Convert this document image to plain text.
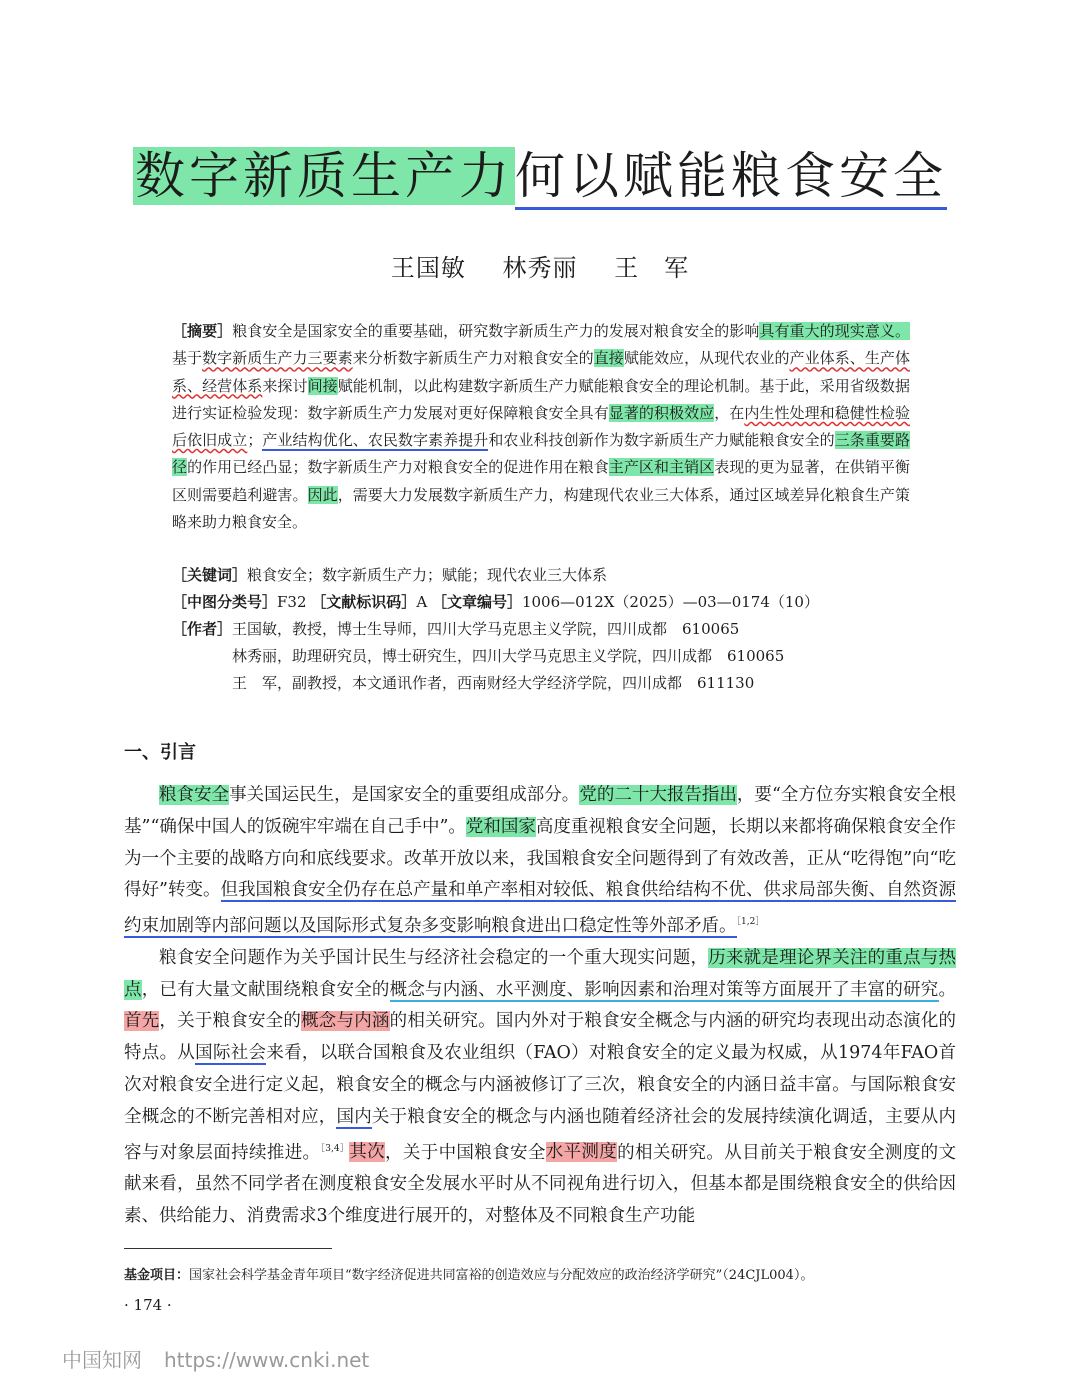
数字新质生产力何以赋能粮食安全
王国敏 林秀丽 王　军
［摘要］粮食安全是国家安全的重要基础，研究数字新质生产力的发展对粮食安全的影响具有重大的现实意义。基于数字新质生产力三要素来分析数字新质生产力对粮食安全的直接赋能效应，从现代农业的产业体系、生产体系、经营体系来探讨间接赋能机制，以此构建数字新质生产力赋能粮食安全的理论机制。基于此，采用省级数据进行实证检验发现：数字新质生产力发展对更好保障粮食安全具有显著的积极效应，在内生性处理和稳健性检验后依旧成立；产业结构优化、农民数字素养提升和农业科技创新作为数字新质生产力赋能粮食安全的三条重要路径的作用已经凸显；数字新质生产力对粮食安全的促进作用在粮食主产区和主销区表现的更为显著，在供销平衡区则需要趋利避害。因此，需要大力发展数字新质生产力，构建现代农业三大体系，通过区域差异化粮食生产策略来助力粮食安全。
［关键词］粮食安全；数字新质生产力；赋能；现代农业三大体系
［中图分类号］F32 ［文献标识码］A ［文章编号］1006—012X（2025）—03—0174（10）
［作者］王国敏，教授，博士生导师，四川大学马克思主义学院，四川成都　610065
林秀丽，助理研究员，博士研究生，四川大学马克思主义学院，四川成都　610065
王　军，副教授，本文通讯作者，西南财经大学经济学院，四川成都　611130
一、引言

粮食安全事关国运民生，是国家安全的重要组成部分。党的二十大报告指出，要“全方位夯实粮食安全根基”“确保中国人的饭碗牢牢端在自己手中”。党和国家高度重视粮食安全问题，长期以来都将确保粮食安全作为一个主要的战略方向和底线要求。改革开放以来，我国粮食安全问题得到了有效改善，正从“吃得饱”向“吃得好”转变。但我国粮食安全仍存在总产量和单产率相对较低、粮食供给结构不优、供求局部失衡、自然资源约束加剧等内部问题以及国际形式复杂多变影响粮食进出口稳定性等外部矛盾。$^{[1,2]}$

粮食安全问题作为关乎国计民生与经济社会稳定的一个重大现实问题，历来就是理论界关注的重点与热点，已有大量文献围绕粮食安全的概念与内涵、水平测度、影响因素和治理对策等方面展开了丰富的研究。首先，关于粮食安全的概念与内涵的相关研究。国内外对于粮食安全概念与内涵的研究均表现出动态演化的特点。从国际社会来看，以联合国粮食及农业组织（FAO）对粮食安全的定义最为权威，从1974年FAO首次对粮食安全进行定义起，粮食安全的概念与内涵被修订了三次，粮食安全的内涵日益丰富。与国际粮食安全概念的不断完善相对应，国内关于粮食安全的概念与内涵也随着经济社会的发展持续演化调适，主要从内容与对象层面持续推进。$^{[3,4]}$其次，关于中国粮食安全水平测度的相关研究。从目前关于粮食安全测度的文献来看，虽然不同学者在测度粮食安全发展水平时从不同视角进行切入，但基本都是围绕粮食安全的供给因素、供给能力、消费需求3个维度进行展开的，对整体及不同粮食生产功能

基金项目：国家社会科学基金青年项目“数字经济促进共同富裕的创造效应与分配效应的政治经济学研究”（24CJL004）。
· 174 ·
中国知网 https://www.cnki.net
